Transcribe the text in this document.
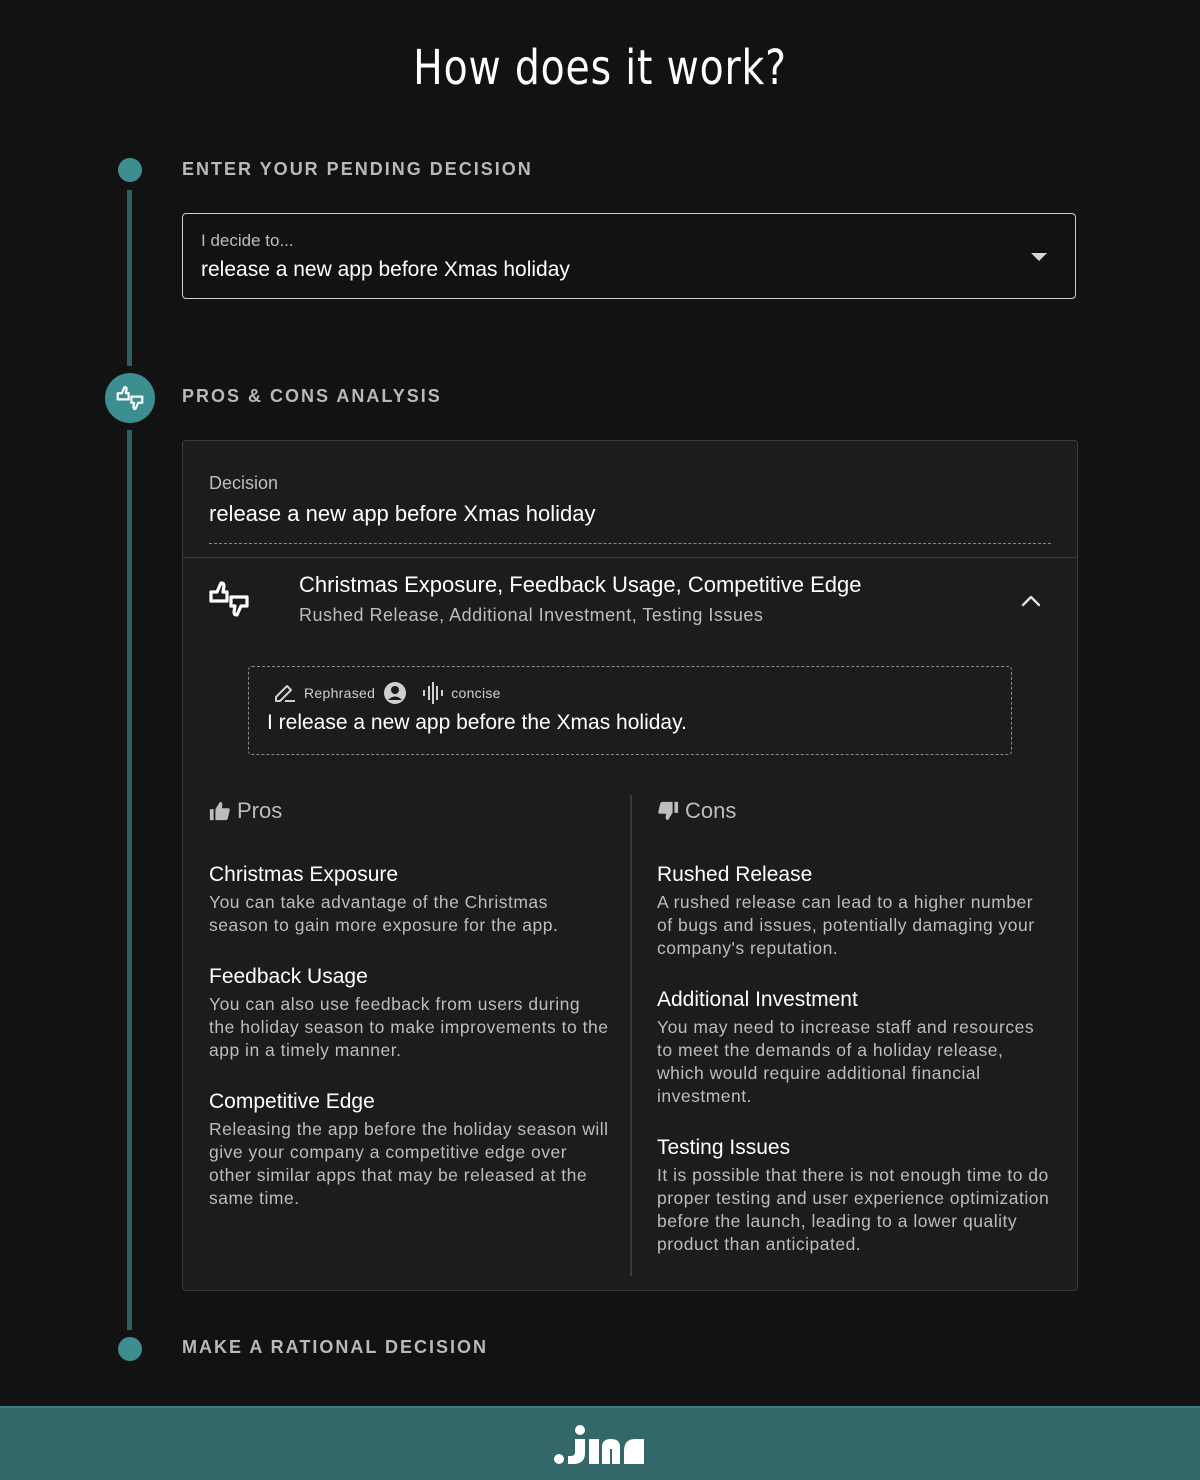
How does it work?
ENTER YOUR PENDING DECISION
PROS & CONS ANALYSIS
MAKE A RATIONAL DECISION
I decide to...
release a new app before Xmas holiday
Decision
release a new app before Xmas holiday
Christmas Exposure, Feedback Usage, Competitive Edge
Rushed Release, Additional Investment, Testing Issues
Rephrased	concise
I release a new app before the Xmas holiday.
Pros
Christmas Exposure
You can take advantage of the Christmas season to gain more exposure for the app.
Feedback Usage
You can also use feedback from users during the holiday season to make improvements to the app in a timely manner.
Competitive Edge
Releasing the app before the holiday season will give your company a competitive edge over other similar apps that may be released at the same time.
Cons
Rushed Release
A rushed release can lead to a higher number of bugs and issues, potentially damaging your company's reputation.
Additional Investment
You may need to increase staff and resources to meet the demands of a holiday release, which would require additional financial investment.
Testing Issues
It is possible that there is not enough time to do proper testing and user experience optimization before the launch, leading to a lower quality product than anticipated.
